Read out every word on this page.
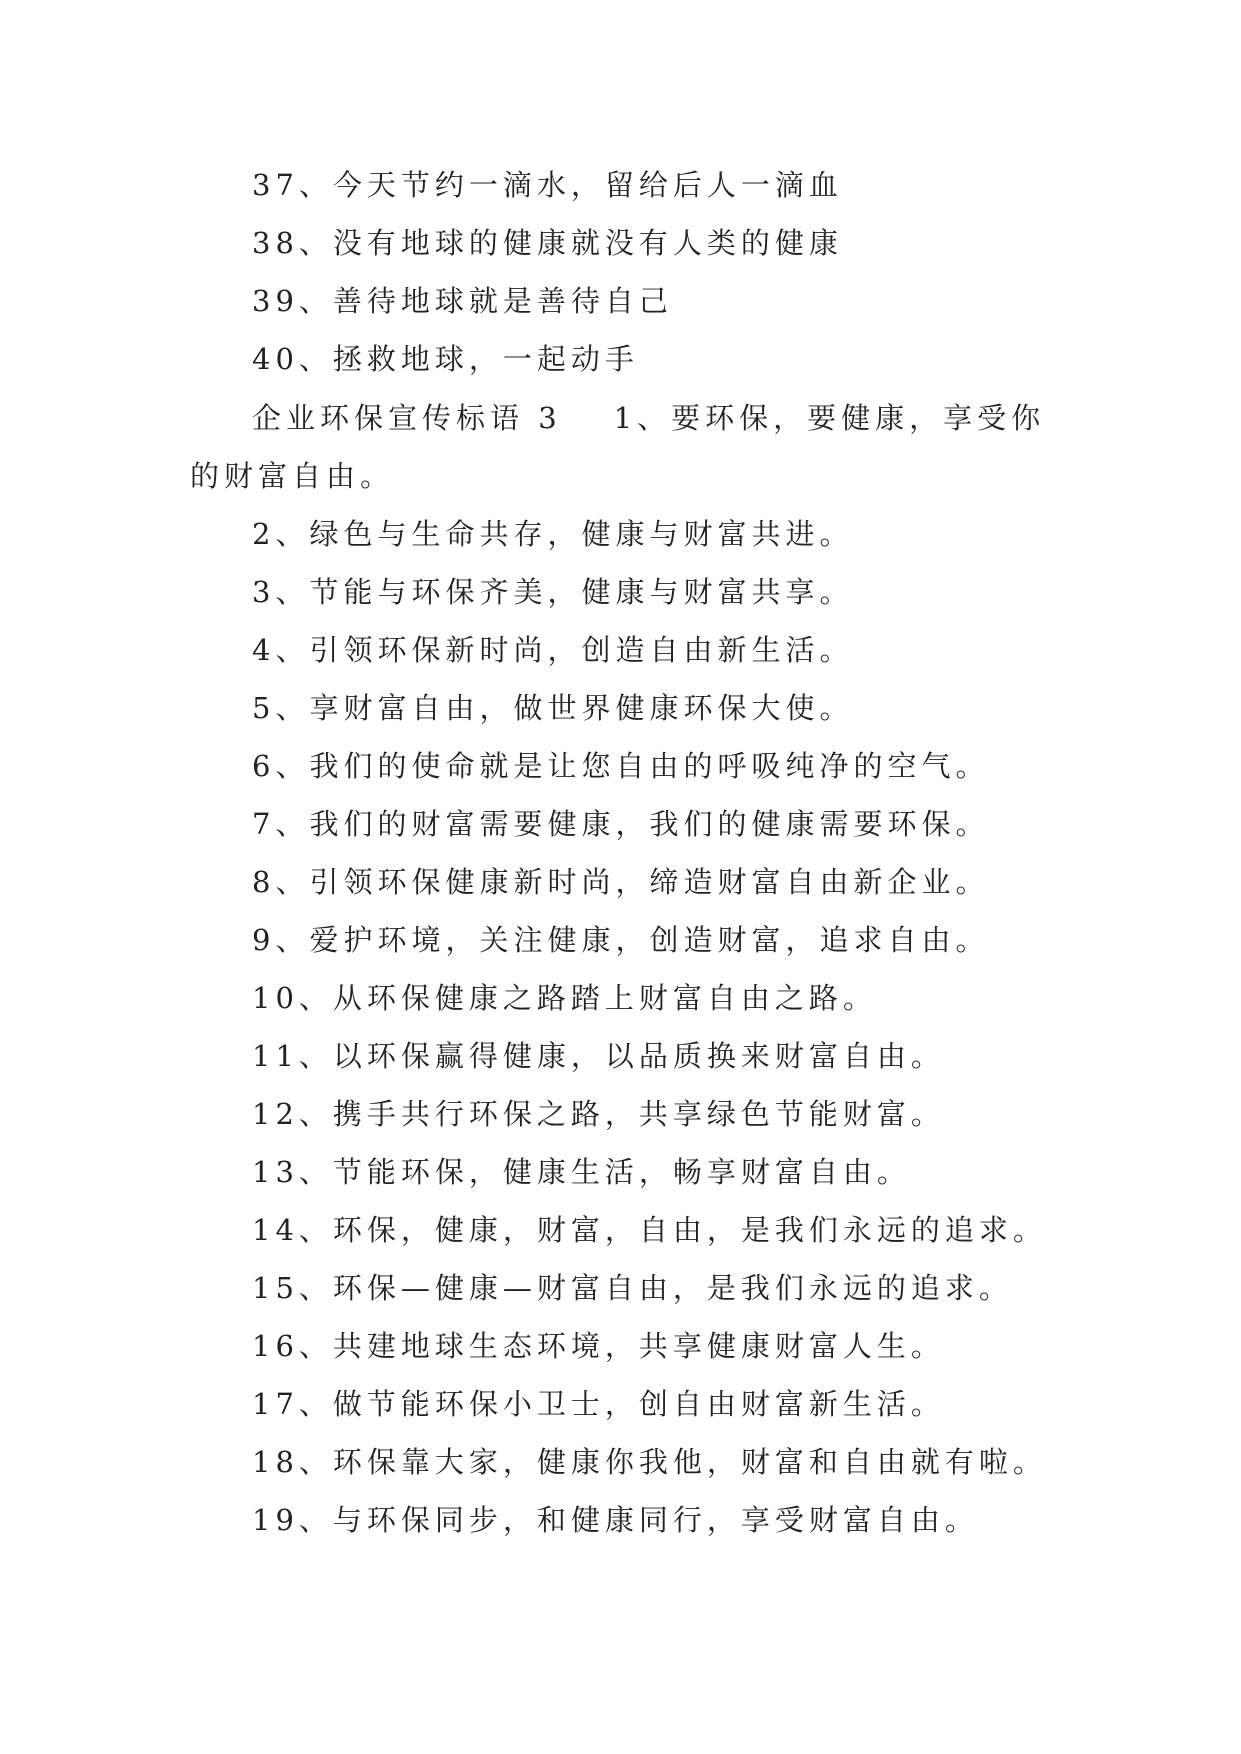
37、今天节约一滴水，留给后人一滴血
38、没有地球的健康就没有人类的健康
39、善待地球就是善待自己
40、拯救地球，一起动手
企业环保宣传标语 3 1、要环保，要健康，享受你
的财富自由。
2、绿色与生命共存，健康与财富共进。
3、节能与环保齐美，健康与财富共享。
4、引领环保新时尚，创造自由新生活。
5、享财富自由，做世界健康环保大使。
6、我们的使命就是让您自由的呼吸纯净的空气。
7、我们的财富需要健康，我们的健康需要环保。
8、引领环保健康新时尚，缔造财富自由新企业。
9、爱护环境，关注健康，创造财富，追求自由。
10、从环保健康之路踏上财富自由之路。
11、以环保赢得健康，以品质换来财富自由。
12、携手共行环保之路，共享绿色节能财富。
13、节能环保，健康生活，畅享财富自由。
14、环保，健康，财富，自由，是我们永远的追求。
15、环保—健康—财富自由，是我们永远的追求。
16、共建地球生态环境，共享健康财富人生。
17、做节能环保小卫士，创自由财富新生活。
18、环保靠大家，健康你我他，财富和自由就有啦。
19、与环保同步，和健康同行，享受财富自由。
